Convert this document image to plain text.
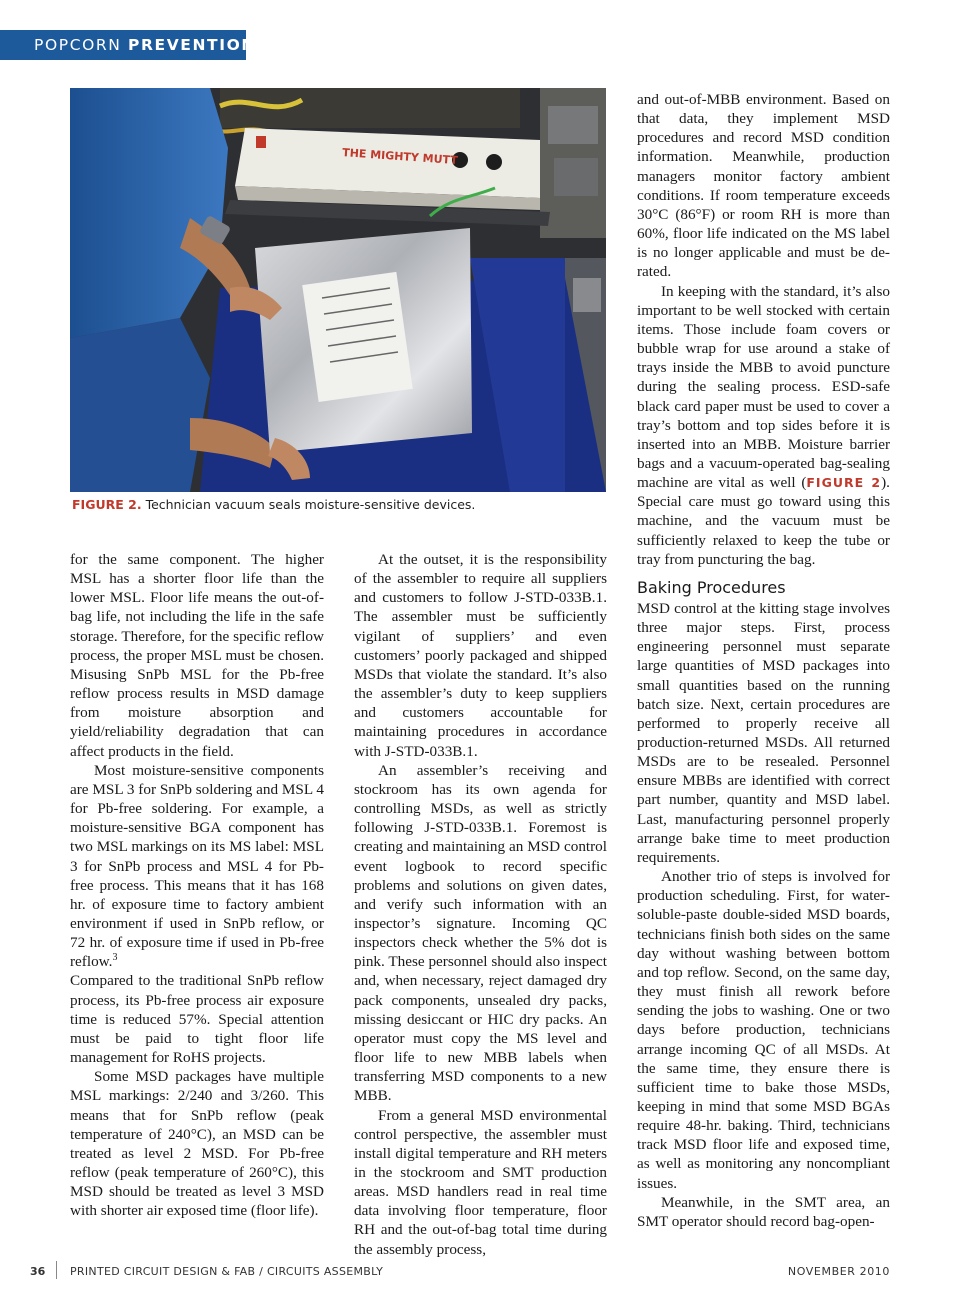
POPCORN PREVENTION
THE MIGHTY MUTT
FIGURE 2. Technician vacuum seals moisture-sensitive devices.

for the same component. The higher MSL has a shorter floor life than the lower MSL. Floor life means the out-of-bag life, not including the life in the safe storage. Therefore, for the specific reflow process, the proper MSL must be chosen. Misusing SnPb MSL for the Pb-free reflow process results in MSD damage from moisture absorption and yield/reliability degradation that can affect products in the field.

Most moisture-sensitive components are MSL 3 for SnPb soldering and MSL 4 for Pb-free soldering. For example, a moisture-sensitive BGA component has two MSL markings on its MS label: MSL 3 for SnPb process and MSL 4 for Pb-free process. This means that it has 168 hr. of exposure time to factory ambient environment if used in SnPb reflow, or 72 hr. of exposure time if used in Pb-free reflow.$^3$

Compared to the traditional SnPb reflow process, its Pb-free process air exposure time is reduced 57%. Special attention must be paid to tight floor life management for RoHS projects.

Some MSD packages have multiple MSL markings: 2/240 and 3/260. This means that for SnPb reflow (peak temperature of 240°C), an MSD can be treated as level 2 MSD. For Pb-free reflow (peak temperature of 260°C), this MSD should be treated as level 3 MSD with shorter air exposed time (floor life).

At the outset, it is the responsibility of the assembler to require all suppliers and customers to follow J-STD-033B.1. The assembler must be sufficiently vigilant of suppliers’ and even customers’ poorly packaged and shipped MSDs that violate the standard. It’s also the assembler’s duty to keep suppliers and customers accountable for maintaining procedures in accordance with J-STD-033B.1.

An assembler’s receiving and stockroom has its own agenda for controlling MSDs, as well as strictly following J-STD-033B.1. Foremost is creating and maintaining an MSD control event logbook to record specific problems and solutions on given dates, and verify such information with an inspector’s signature. Incoming QC inspectors check whether the 5% dot is pink. These personnel should also inspect and, when necessary, reject damaged dry pack components, unsealed dry packs, missing desiccant or HIC dry packs. An operator must copy the MS level and floor life to new MBB labels when transferring MSD components to a new MBB.

From a general MSD environmental control perspective, the assembler must install digital temperature and RH meters in the stockroom and SMT production areas. MSD handlers read in real time data involving floor temperature, floor RH and the out-of-bag total time during the assembly process,

and out-of-MBB environment. Based on that data, they implement MSD procedures and record MSD condition information. Meanwhile, production managers monitor factory ambient conditions. If room temperature exceeds 30°C (86°F) or room RH is more than 60%, floor life indicated on the MS label is no longer applicable and must be de-rated.

In keeping with the standard, it’s also important to be well stocked with certain items. Those include foam covers or bubble wrap for use around a stake of trays inside the MBB to avoid puncture during the sealing process. ESD-safe black card paper must be used to cover a tray’s bottom and top sides before it is inserted into an MBB. Moisture barrier bags and a vacuum-operated bag-sealing machine are vital as well (FIGURE 2). Special care must go toward using this machine, and the vacuum must be sufficiently relaxed to keep the tube or tray from puncturing the bag.

Baking Procedures

MSD control at the kitting stage involves three major steps. First, process engineering personnel must separate large quantities of MSD packages into small quantities based on the running batch size. Next, certain procedures are performed to properly receive all production-returned MSDs. All returned MSDs are to be resealed. Personnel ensure MBBs are identified with correct part number, quantity and MSD label. Last, manufacturing personnel properly arrange bake time to meet production requirements.

Another trio of steps is involved for production scheduling. First, for water-soluble-paste double-sided MSD boards, technicians finish both sides on the same day without washing between bottom and top reflow. Second, on the same day, they must finish all rework before sending the jobs to washing. One or two days before production, technicians arrange incoming QC of all MSDs. At the same time, they ensure there is sufficient time to bake those MSDs, keeping in mind that some MSD BGAs require 48-hr. baking. Third, technicians track MSD floor life and exposed time, as well as monitoring any noncompliant issues.

Meanwhile, in the SMT area, an SMT operator should record bag-open-

36 PRINTED CIRCUIT DESIGN & FAB / CIRCUITS ASSEMBLY	NOVEMBER 2010
